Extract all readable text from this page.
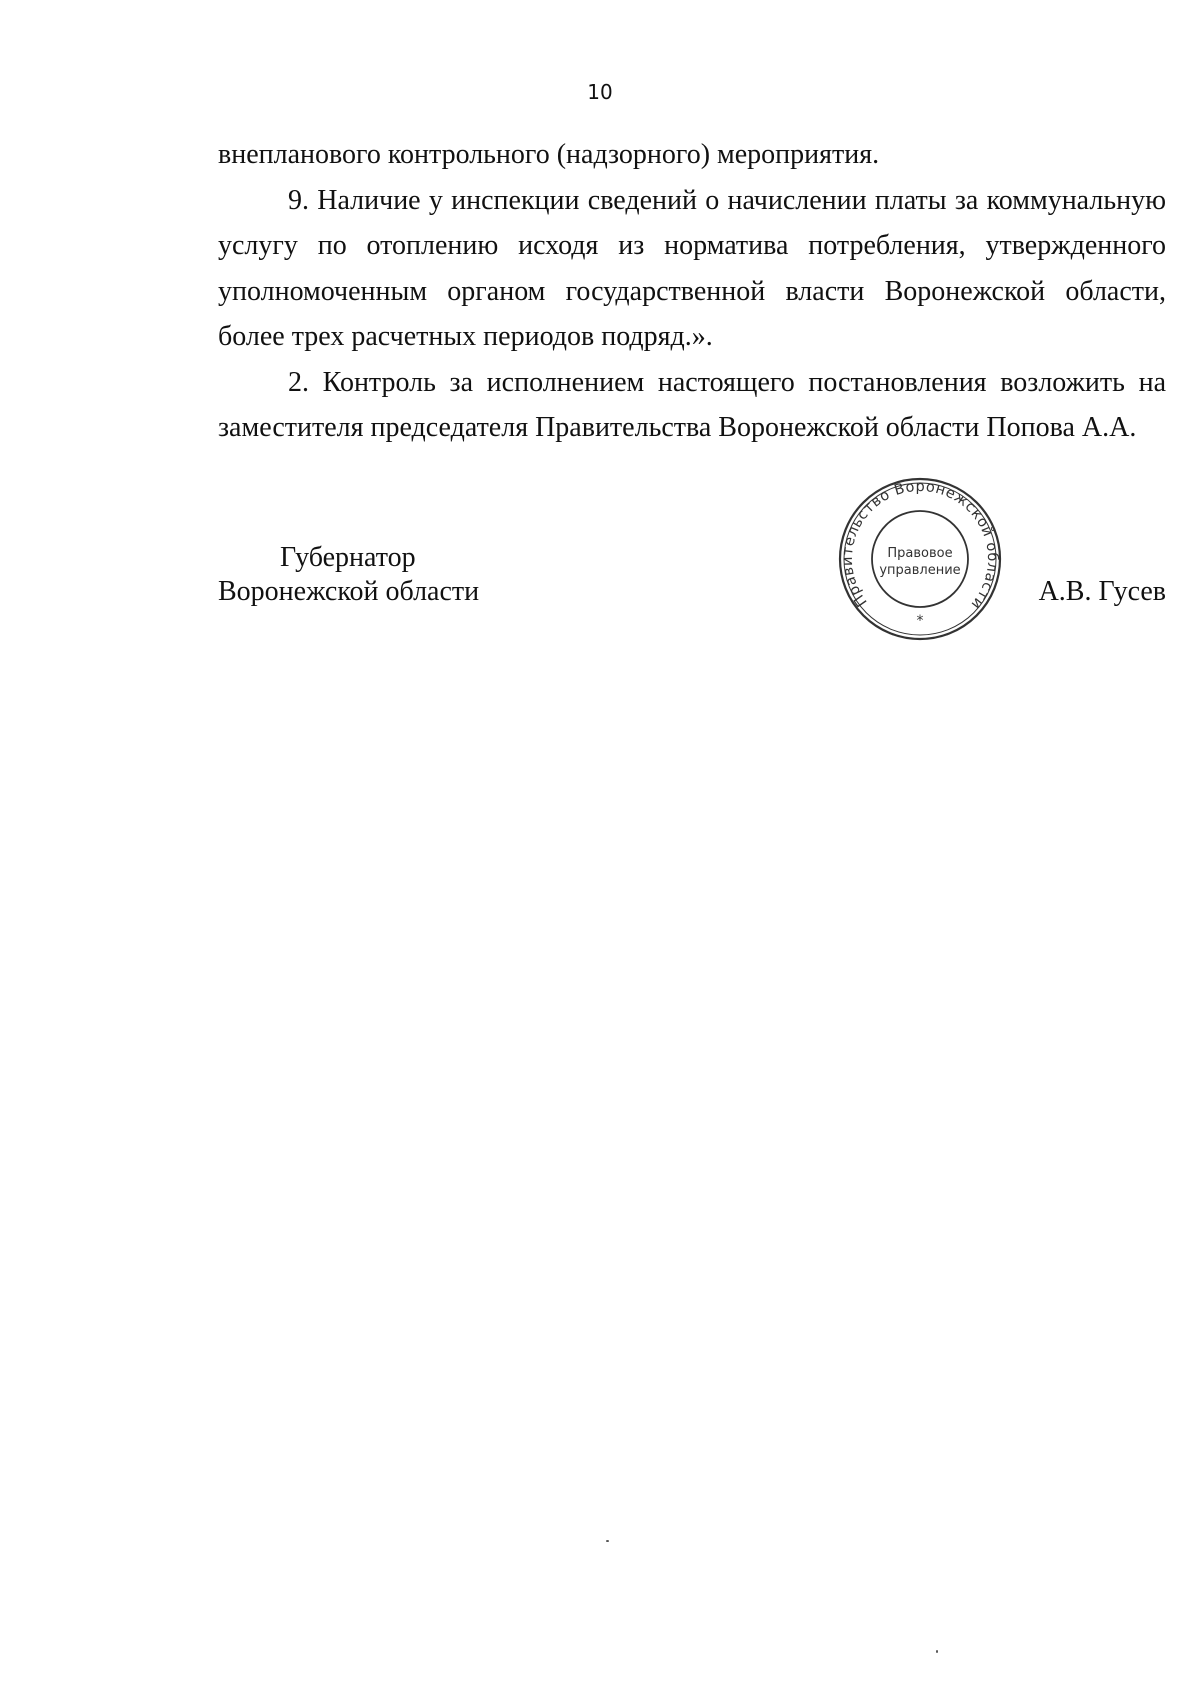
10

внепланового контрольного (надзорного) мероприятия.

9. Наличие у инспекции сведений о начислении платы за коммунальную услугу по отоплению исходя из норматива потребления, утвержденного уполномоченным органом государственной власти Воронежской области, более трех расчетных периодов подряд.».

2. Контроль за исполнением настоящего постановления возложить на заместителя председателя Правительства Воронежской области Попова А.А.

Губернатор
Воронежской области	А.В. Гусев
Правительство Воронежской области
Правовое
управление
*
